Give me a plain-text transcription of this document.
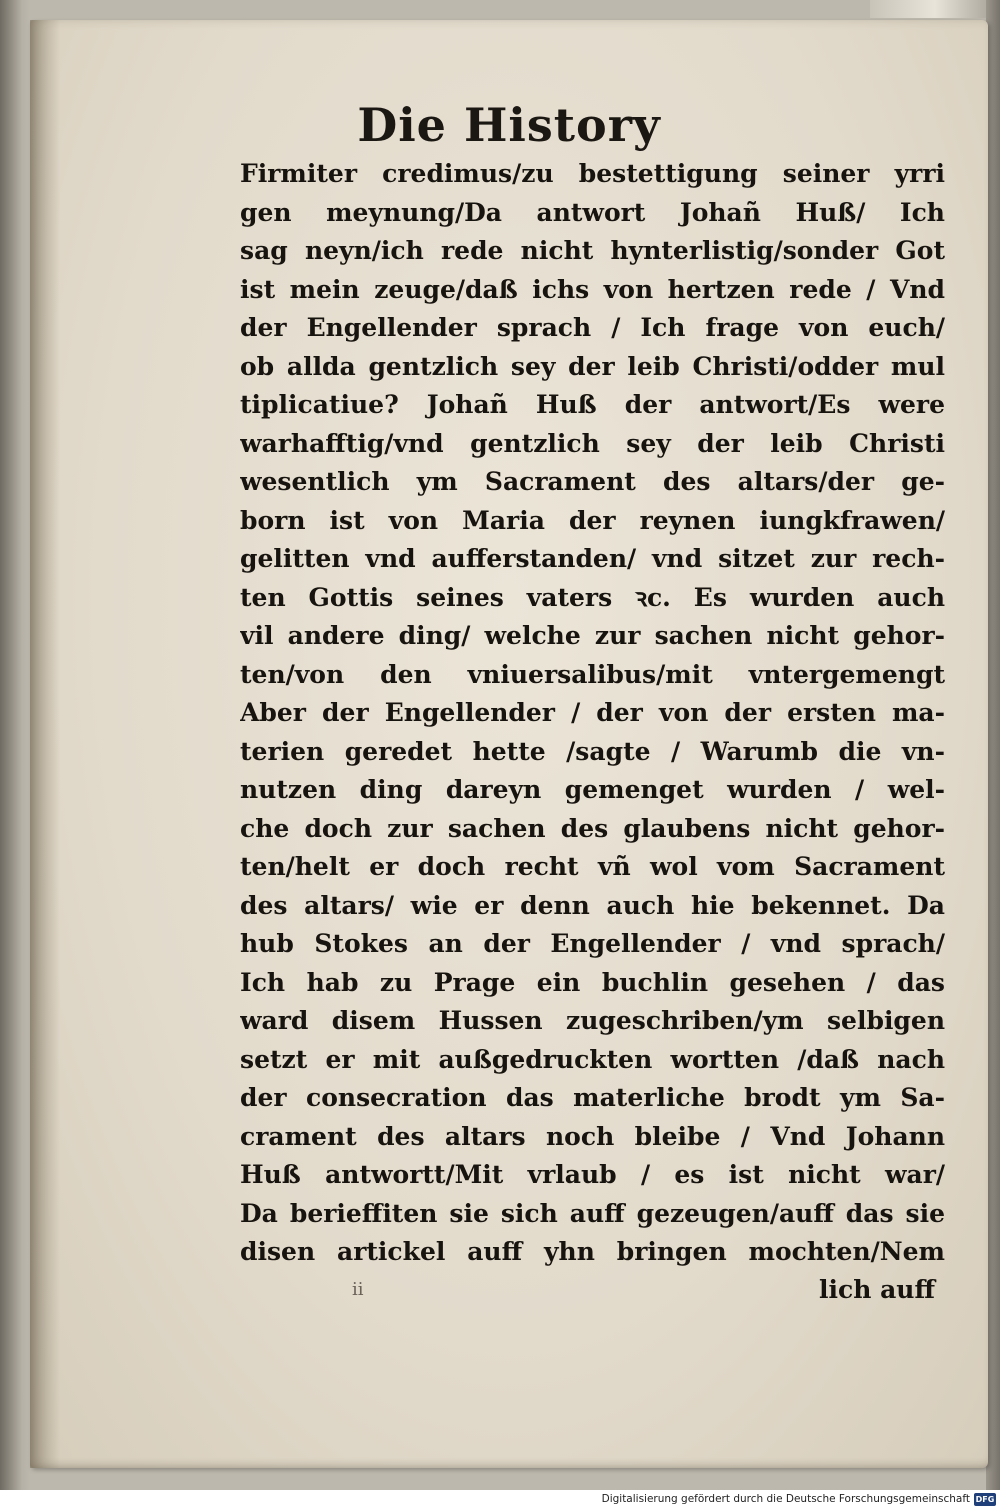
Die History
Firmiter credimus/zu bestettigung seiner yrri
gen meynung/Da antwort Johañ Huß/ Ich
sag neyn/ich rede nicht hynterlistig/sonder Got
ist mein zeuge/daß ichs von hertzen rede / Vnd
der Engellender sprach / Ich frage von euch/
ob allda gentzlich sey der leib Christi/odder mul
tiplicatiue? Johañ Huß der antwort/Es were
warhafftig/vnd gentzlich sey der leib Christi
wesentlich ym Sacrament des altars/der ge-
born ist von Maria der reynen iungkfrawen/
gelitten vnd aufferstanden/ vnd sitzet zur rech-
ten Gottis seines vaters ꝛc. Es wurden auch
vil andere ding/ welche zur sachen nicht gehor-
ten/von den vniuersalibus/mit vntergemengt
Aber der Engellender / der von der ersten ma-
terien geredet hette /sagte / Warumb die vn-
nutzen ding dareyn gemenget wurden / wel-
che doch zur sachen des glaubens nicht gehor-
ten/helt er doch recht vñ wol vom Sacrament
des altars/ wie er denn auch hie bekennet. Da
hub Stokes an der Engellender / vnd sprach/
Ich hab zu Prage ein buchlin gesehen / das
ward disem Hussen zugeschriben/ym selbigen
setzt er mit außgedruckten wortten /daß nach
der consecration das materliche brodt ym Sa-
crament des altars noch bleibe / Vnd Johann
Huß antwortt/Mit vrlaub / es ist nicht war/
Da berieffiten sie sich auff gezeugen/auff das sie
disen artickel auff yhn bringen mochten/Nem
ii	lich auff
Digitalisierung gefördert durch die Deutsche Forschungsgemeinschaft DFG
